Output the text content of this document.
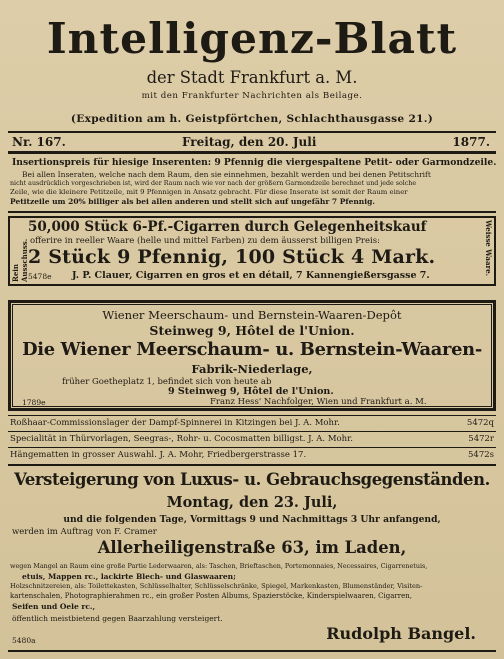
Intelligenz-Blatt
der Stadt Frankfurt a. M.
mit den Frankfurter Nachrichten als Beilage.
(Expedition am h. Geistpförtchen, Schlachthausgasse 21.)
Nr. 167.	Freitag, den 20. Juli	1877.
Insertionspreis für hiesige Inserenten: 9 Pfennig die viergespaltene Petit- oder Garmondzeile.
Bei allen Inseraten, welche nach dem Raum, den sie einnehmen, bezahlt werden und bei denen Petitschrift
nicht ausdrücklich vorgeschrieben ist, wird der Raum nach wie vor nach der größern Garmondzeile berechnet und jede solche
Zeile, wie die kleinere Petitzeile, mit 9 Pfennigen in Ansatz gebracht. Für diese Inserate ist somit der Raum einer
Petitzeile um 20% billiger als bei allen anderen und stellt sich auf ungefähr 7 Pfennig.
Rein Ausschuss.	Weisse Waare.
50,000 Stück 6-Pf.-Cigarren durch Gelegenheitskauf
offerire in reeller Waare (helle und mittel Farben) zu dem äusserst billigen Preis:
2 Stück 9 Pfennig, 100 Stück 4 Mark.
5478e J. P. Clauer, Cigarren en gros et en détail, 7 Kannengießersgasse 7.
Wiener Meerschaum- und Bernstein-Waaren-Depôt
Steinweg 9, Hôtel de l'Union.
Die Wiener Meerschaum- u. Bernstein-Waaren-
Fabrik-Niederlage,
früher Goetheplatz 1, befindet sich von heute ab
9 Steinweg 9, Hôtel de l'Union.
1789e	Franz Hess' Nachfolger, Wien und Frankfurt a. M.
Roßhaar-Commissionslager der Dampf-Spinnerei in Kitzingen bei J. A. Mohr.	5472q
Specialität in Thürvorlagen, Seegras-, Rohr- u. Cocosmatten billigst. J. A. Mohr.	5472r
Hängematten in grosser Auswahl. J. A. Mohr, Friedbergerstrasse 17.	5472s
Versteigerung von Luxus- u. Gebrauchsgegenständen.
Montag, den 23. Juli,
und die folgenden Tage, Vormittags 9 und Nachmittags 3 Uhr anfangend,
werden im Auftrag von F. Cramer
Allerheiligenstraße 63, im Laden,
wegen Mangel an Raum eine große Partie Lederwaaren, als: Taschen, Brieftaschen, Portemonnaies, Necessaires, Cigarrenetuis,
etuis, Mappen rc., lackirte Blech- und Glaswaaren;
Holzschnitzereien, als: Toilettekasten, Schlüsselhalter, Schlüsselschränke, Spiegel, Markenkasten, Blumenständer, Visiten-
kartenschalen, Photographierahmen rc., ein großer Posten Albums, Spazierstöcke, Kinderspielwaaren, Cigarren,
Seifen und Oele rc.,
öffentlich meistbietend gegen Baarzahlung versteigert.
Rudolph Bangel.
5480a
